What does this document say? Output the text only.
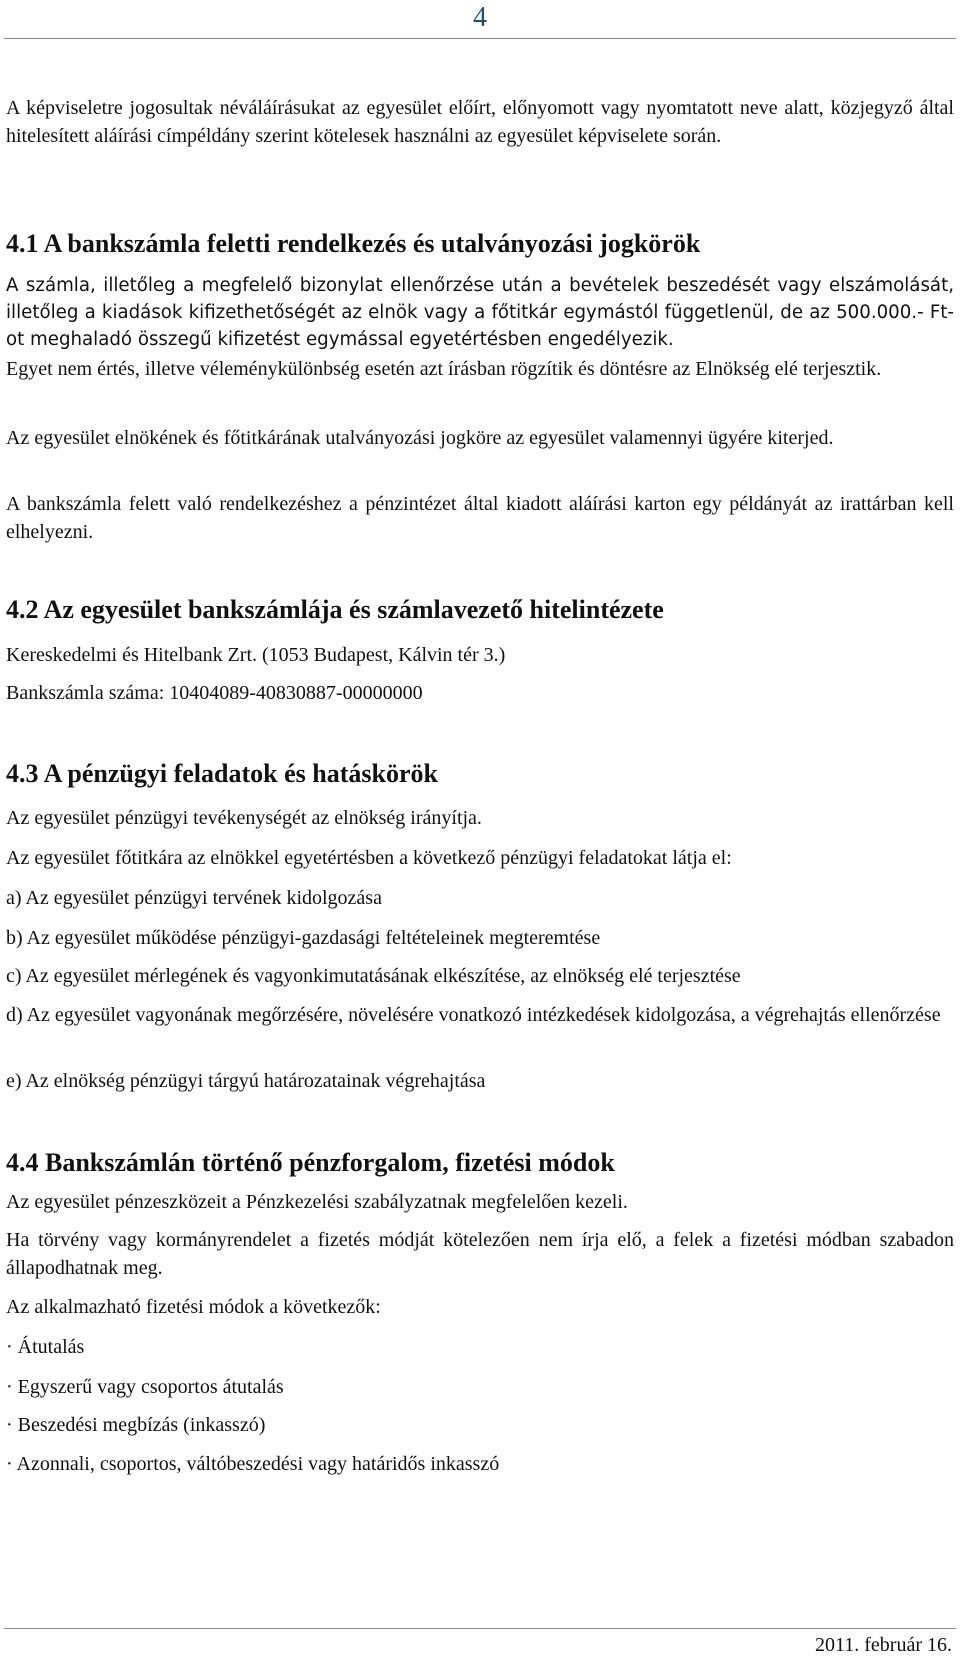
4

A képviseletre jogosultak néváláírásukat az egyesület előírt, előnyomott vagy nyomtatott neve alatt, közjegyző által hitelesített aláírási címpéldány szerint kötelesek használni az egyesület képviselete során.

4.1 A bankszámla feletti rendelkezés és utalványozási jogkörök

A számla, illetőleg a megfelelő bizonylat ellenőrzése után a bevételek beszedését vagy elszámolását, illetőleg a kiadások kifizethetőségét az elnök vagy a főtitkár egymástól függetlenül, de az 500.000.- Ft-ot meghaladó összegű kifizetést egymással egyetértésben engedélyezik.

Egyet nem értés, illetve véleménykülönbség esetén azt írásban rögzítik és döntésre az Elnökség elé terjesztik.

Az egyesület elnökének és főtitkárának utalványozási jogköre az egyesület valamennyi ügyére kiterjed.

A bankszámla felett való rendelkezéshez a pénzintézet által kiadott aláírási karton egy példányát az irattárban kell elhelyezni.

4.2 Az egyesület bankszámlája és számlavezető hitelintézete

Kereskedelmi és Hitelbank Zrt. (1053 Budapest, Kálvin tér 3.)

Bankszámla száma: 10404089-40830887-00000000

4.3 A pénzügyi feladatok és hatáskörök

Az egyesület pénzügyi tevékenységét az elnökség irányítja.

Az egyesület főtitkára az elnökkel egyetértésben a következő pénzügyi feladatokat látja el:

a) Az egyesület pénzügyi tervének kidolgozása

b) Az egyesület működése pénzügyi-gazdasági feltételeinek megteremtése

c) Az egyesület mérlegének és vagyonkimutatásának elkészítése, az elnökség elé terjesztése

d) Az egyesület vagyonának megőrzésére, növelésére vonatkozó intézkedések kidolgozása, a végrehajtás ellenőrzése

e) Az elnökség pénzügyi tárgyú határozatainak végrehajtása

4.4 Bankszámlán történő pénzforgalom, fizetési módok

Az egyesület pénzeszközeit a Pénzkezelési szabályzatnak megfelelően kezeli.

Ha törvény vagy kormányrendelet a fizetés módját kötelezően nem írja elő, a felek a fizetési módban szabadon állapodhatnak meg.

Az alkalmazható fizetési módok a következők:

· Átutalás

· Egyszerű vagy csoportos átutalás

· Beszedési megbízás (inkasszó)

· Azonnali, csoportos, váltóbeszedési vagy határidős inkasszó

2011. február 16.
